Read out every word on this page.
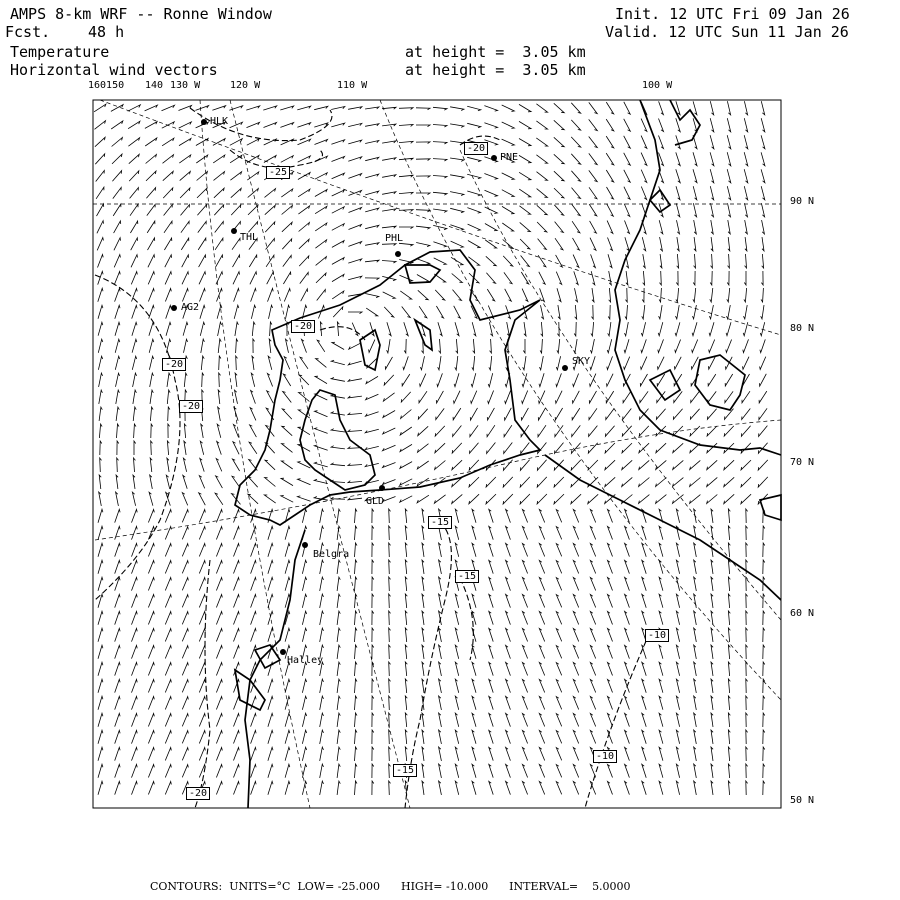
AMPS 8-km WRF -- Ronne Window
Fcst.	48 h
Temperature
Horizontal wind vectors
at height =  3.05 km
at height =  3.05 km
Init. 12 UTC Fri 09 Jan 26
Valid. 12 UTC Sun 11 Jan 26
HLK
PNE
THL	PHL
AG2
SKY
GLD
Belgra
Halley
-25
-20
-20
-20
-20
-20
-15
-15
-10
-15
-10
160150 140 130 W	120 W	110 W	100 W
90 N
80 N
70 N
60 N
50 N
CONTOURS:  UNITS=°C  LOW= -25.000      HIGH= -10.000      INTERVAL=    5.0000
